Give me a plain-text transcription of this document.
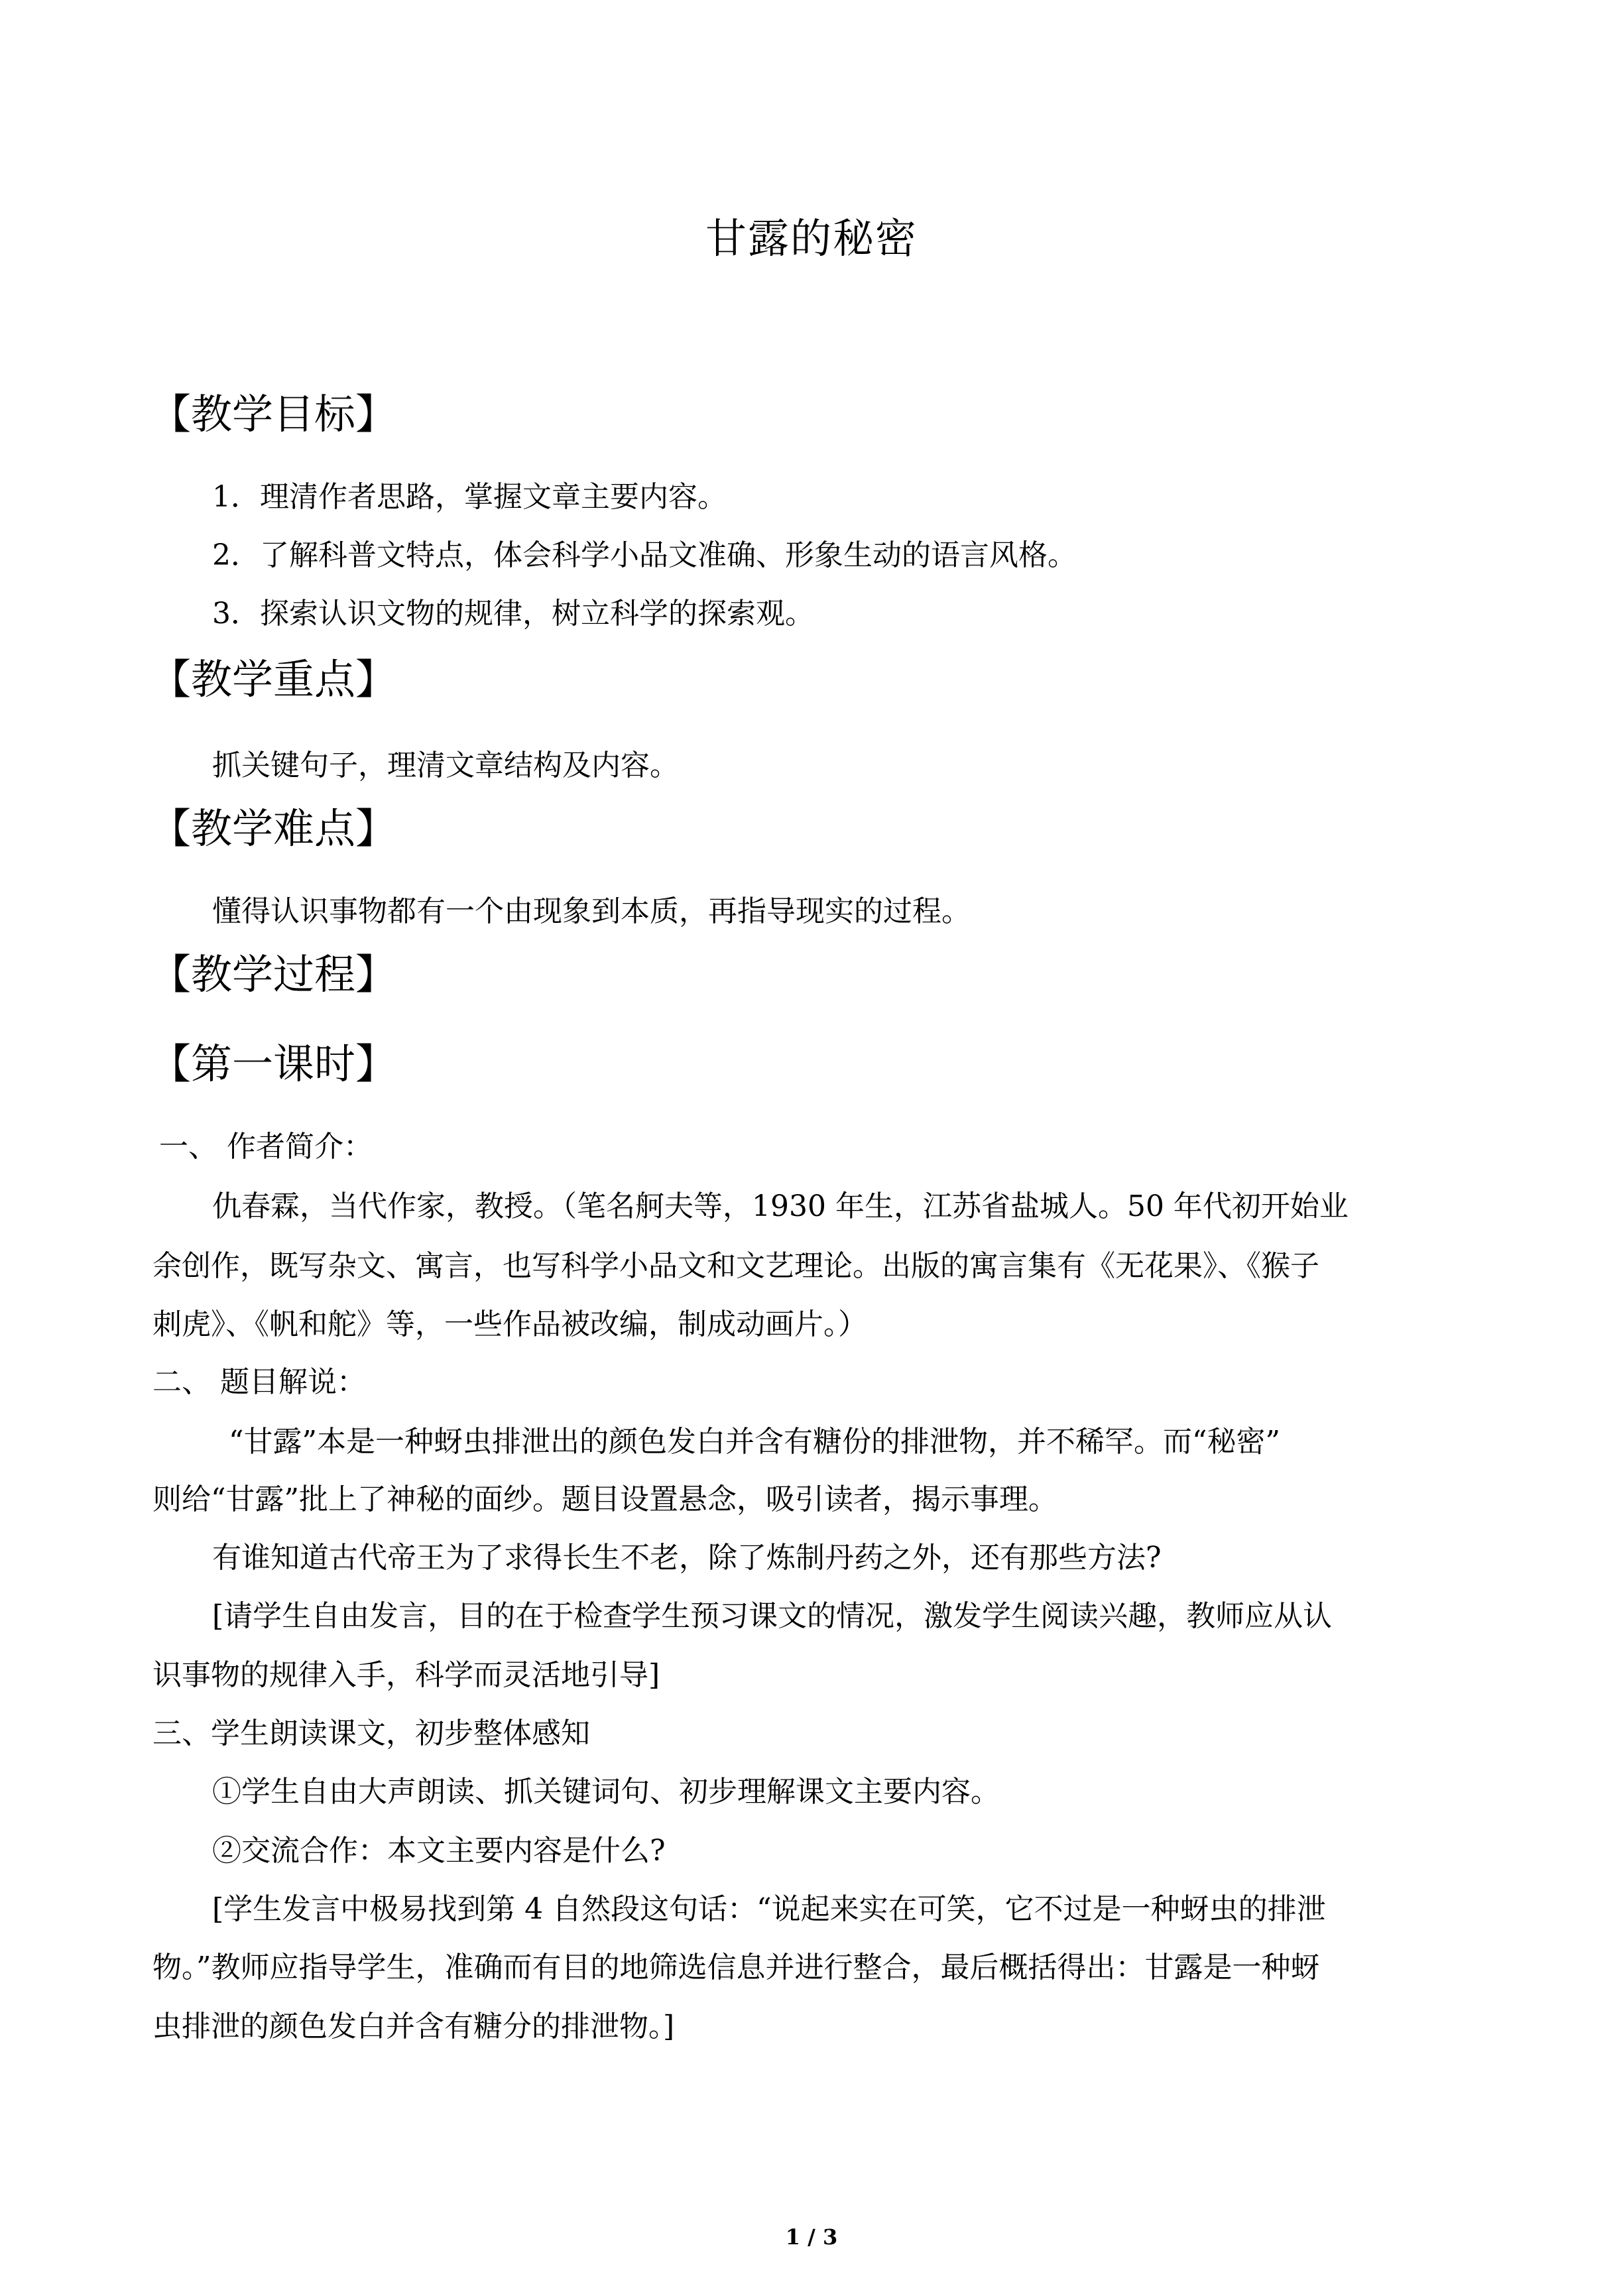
甘露的秘密
【教学目标】
1．理清作者思路，掌握文章主要内容。
2．了解科普文特点，体会科学小品文准确、形象生动的语言风格。
3．探索认识文物的规律，树立科学的探索观。
【教学重点】
抓关键句子，理清文章结构及内容。
【教学难点】
懂得认识事物都有一个由现象到本质，再指导现实的过程。
【教学过程】
【第一课时】
一、 作者简介：
仇春霖，当代作家，教授。（笔名舸夫等，1930 年生，江苏省盐城人。50 年代初开始业
余创作，既写杂文、寓言，也写科学小品文和文艺理论。出版的寓言集有《无花果》、《猴子
刺虎》、《帆和舵》等，一些作品被改编，制成动画片。）
二、 题目解说：
“甘露”本是一种蚜虫排泄出的颜色发白并含有糖份的排泄物，并不稀罕。而“秘密”
则给“甘露”批上了神秘的面纱。题目设置悬念，吸引读者，揭示事理。
有谁知道古代帝王为了求得长生不老，除了炼制丹药之外，还有那些方法?
[请学生自由发言，目的在于检查学生预习课文的情况，激发学生阅读兴趣，教师应从认
识事物的规律入手，科学而灵活地引导]
三、学生朗读课文，初步整体感知
①学生自由大声朗读、抓关键词句、初步理解课文主要内容。
②交流合作：本文主要内容是什么?
[学生发言中极易找到第 4 自然段这句话：“说起来实在可笑，它不过是一种蚜虫的排泄
物。”教师应指导学生，准确而有目的地筛选信息并进行整合，最后概括得出：甘露是一种蚜
虫排泄的颜色发白并含有糖分的排泄物。]
1 / 3
